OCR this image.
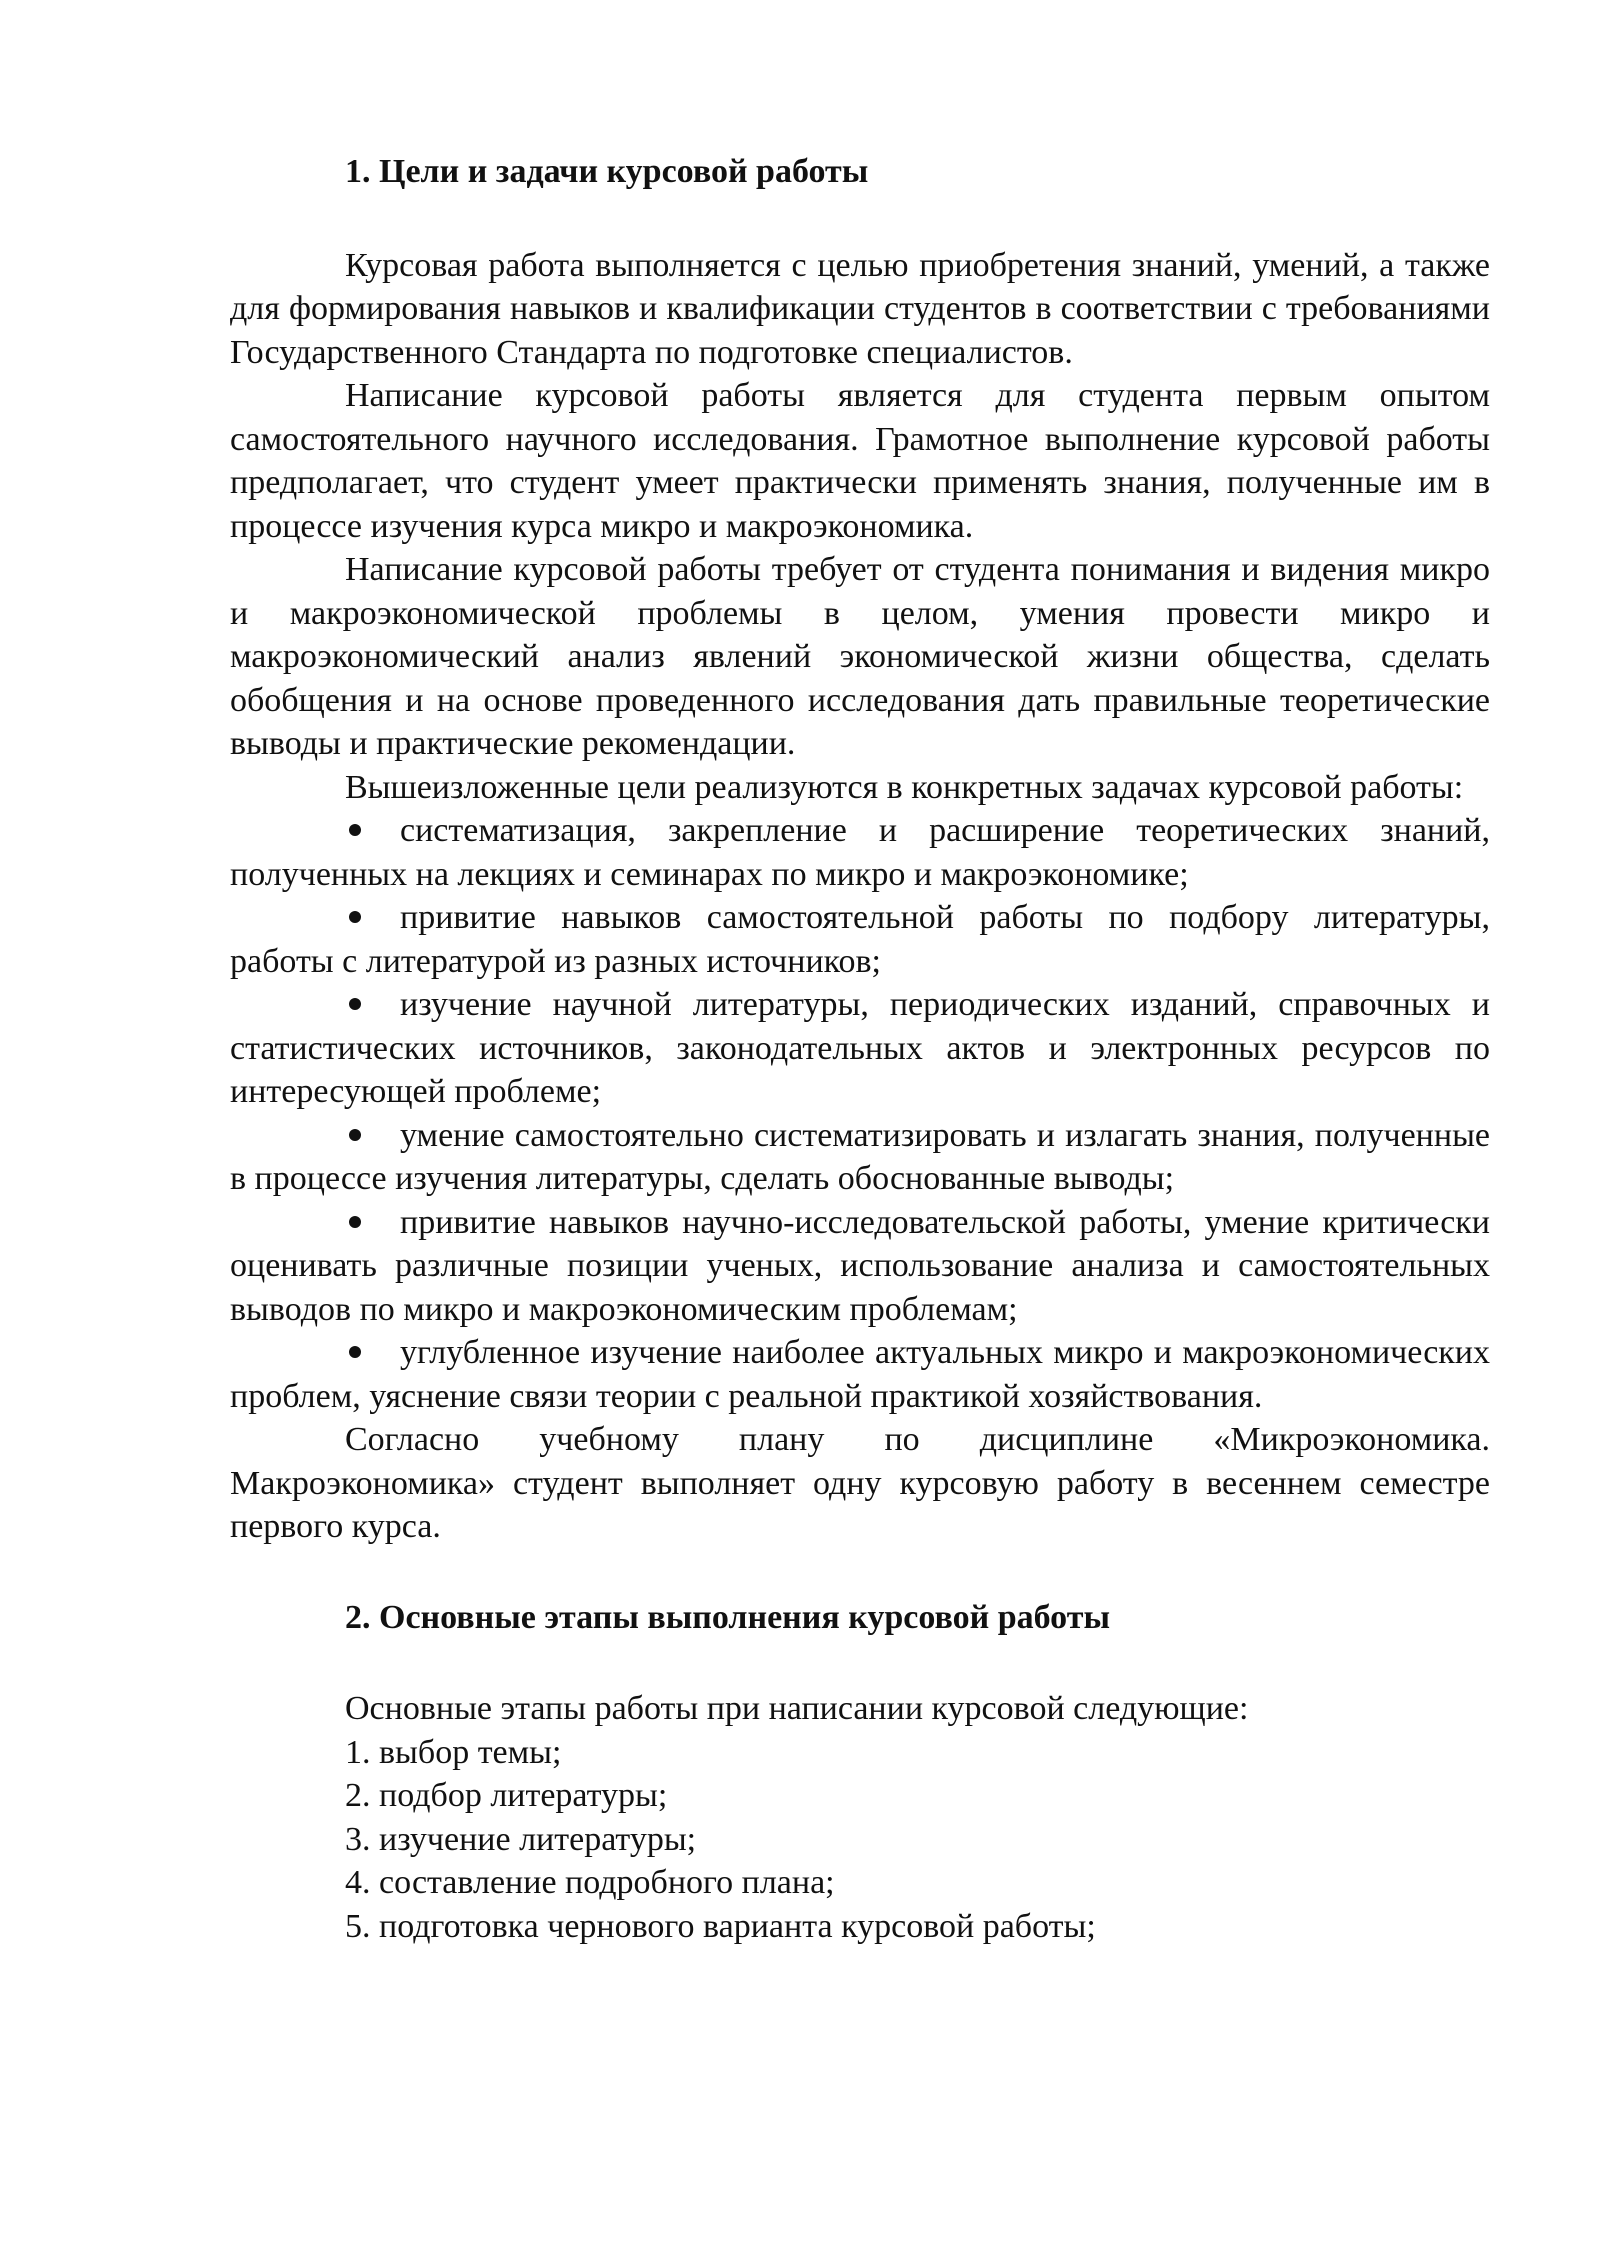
1. Цели и задачи курсовой работы

Курсовая работа выполняется с целью приобретения знаний, умений, а также для формирования навыков и квалификации студентов в соответствии с требованиями Государственного Стандарта по подготовке специалистов.

Написание курсовой работы является для студента первым опытом самостоятельного научного исследования. Грамотное выполнение курсовой работы предполагает, что студент умеет практически применять знания, полученные им в процессе изучения курса микро и макроэкономика.

Написание курсовой работы требует от студента понимания и видения микро и макроэкономической проблемы в целом, умения провести микро и макроэкономический анализ явлений экономической жизни общества, сделать обобщения и на основе проведенного исследования дать правильные теоретические выводы и практические рекомендации.

Вышеизложенные цели реализуются в конкретных задачах курсовой работы:

систематизация, закрепление и расширение теоретических знаний, полученных на лекциях и семинарах по микро и макроэкономике;

привитие навыков самостоятельной работы по подбору литературы, работы с литературой из разных источников;

изучение научной литературы, периодических изданий, справочных и статистических источников, законодательных актов и электронных ресурсов по интересующей проблеме;

умение самостоятельно систематизировать и излагать знания, полученные в процессе изучения литературы, сделать обоснованные выводы;

привитие навыков научно-исследовательской работы, умение критически оценивать различные позиции ученых, использование анализа и самостоятельных выводов по микро и макроэкономическим проблемам;

углубленное изучение наиболее актуальных микро и макроэкономических проблем, уяснение связи теории с реальной практикой хозяйствования.

Согласно учебному плану по дисциплине «Микроэкономика. Макроэкономика» студент выполняет одну курсовую работу в весеннем семестре первого курса.

2. Основные этапы выполнения курсовой работы

Основные этапы работы при написании курсовой следующие:

1. выбор темы;

2. подбор литературы;

3. изучение литературы;

4. составление подробного плана;

5. подготовка чернового варианта курсовой работы;
